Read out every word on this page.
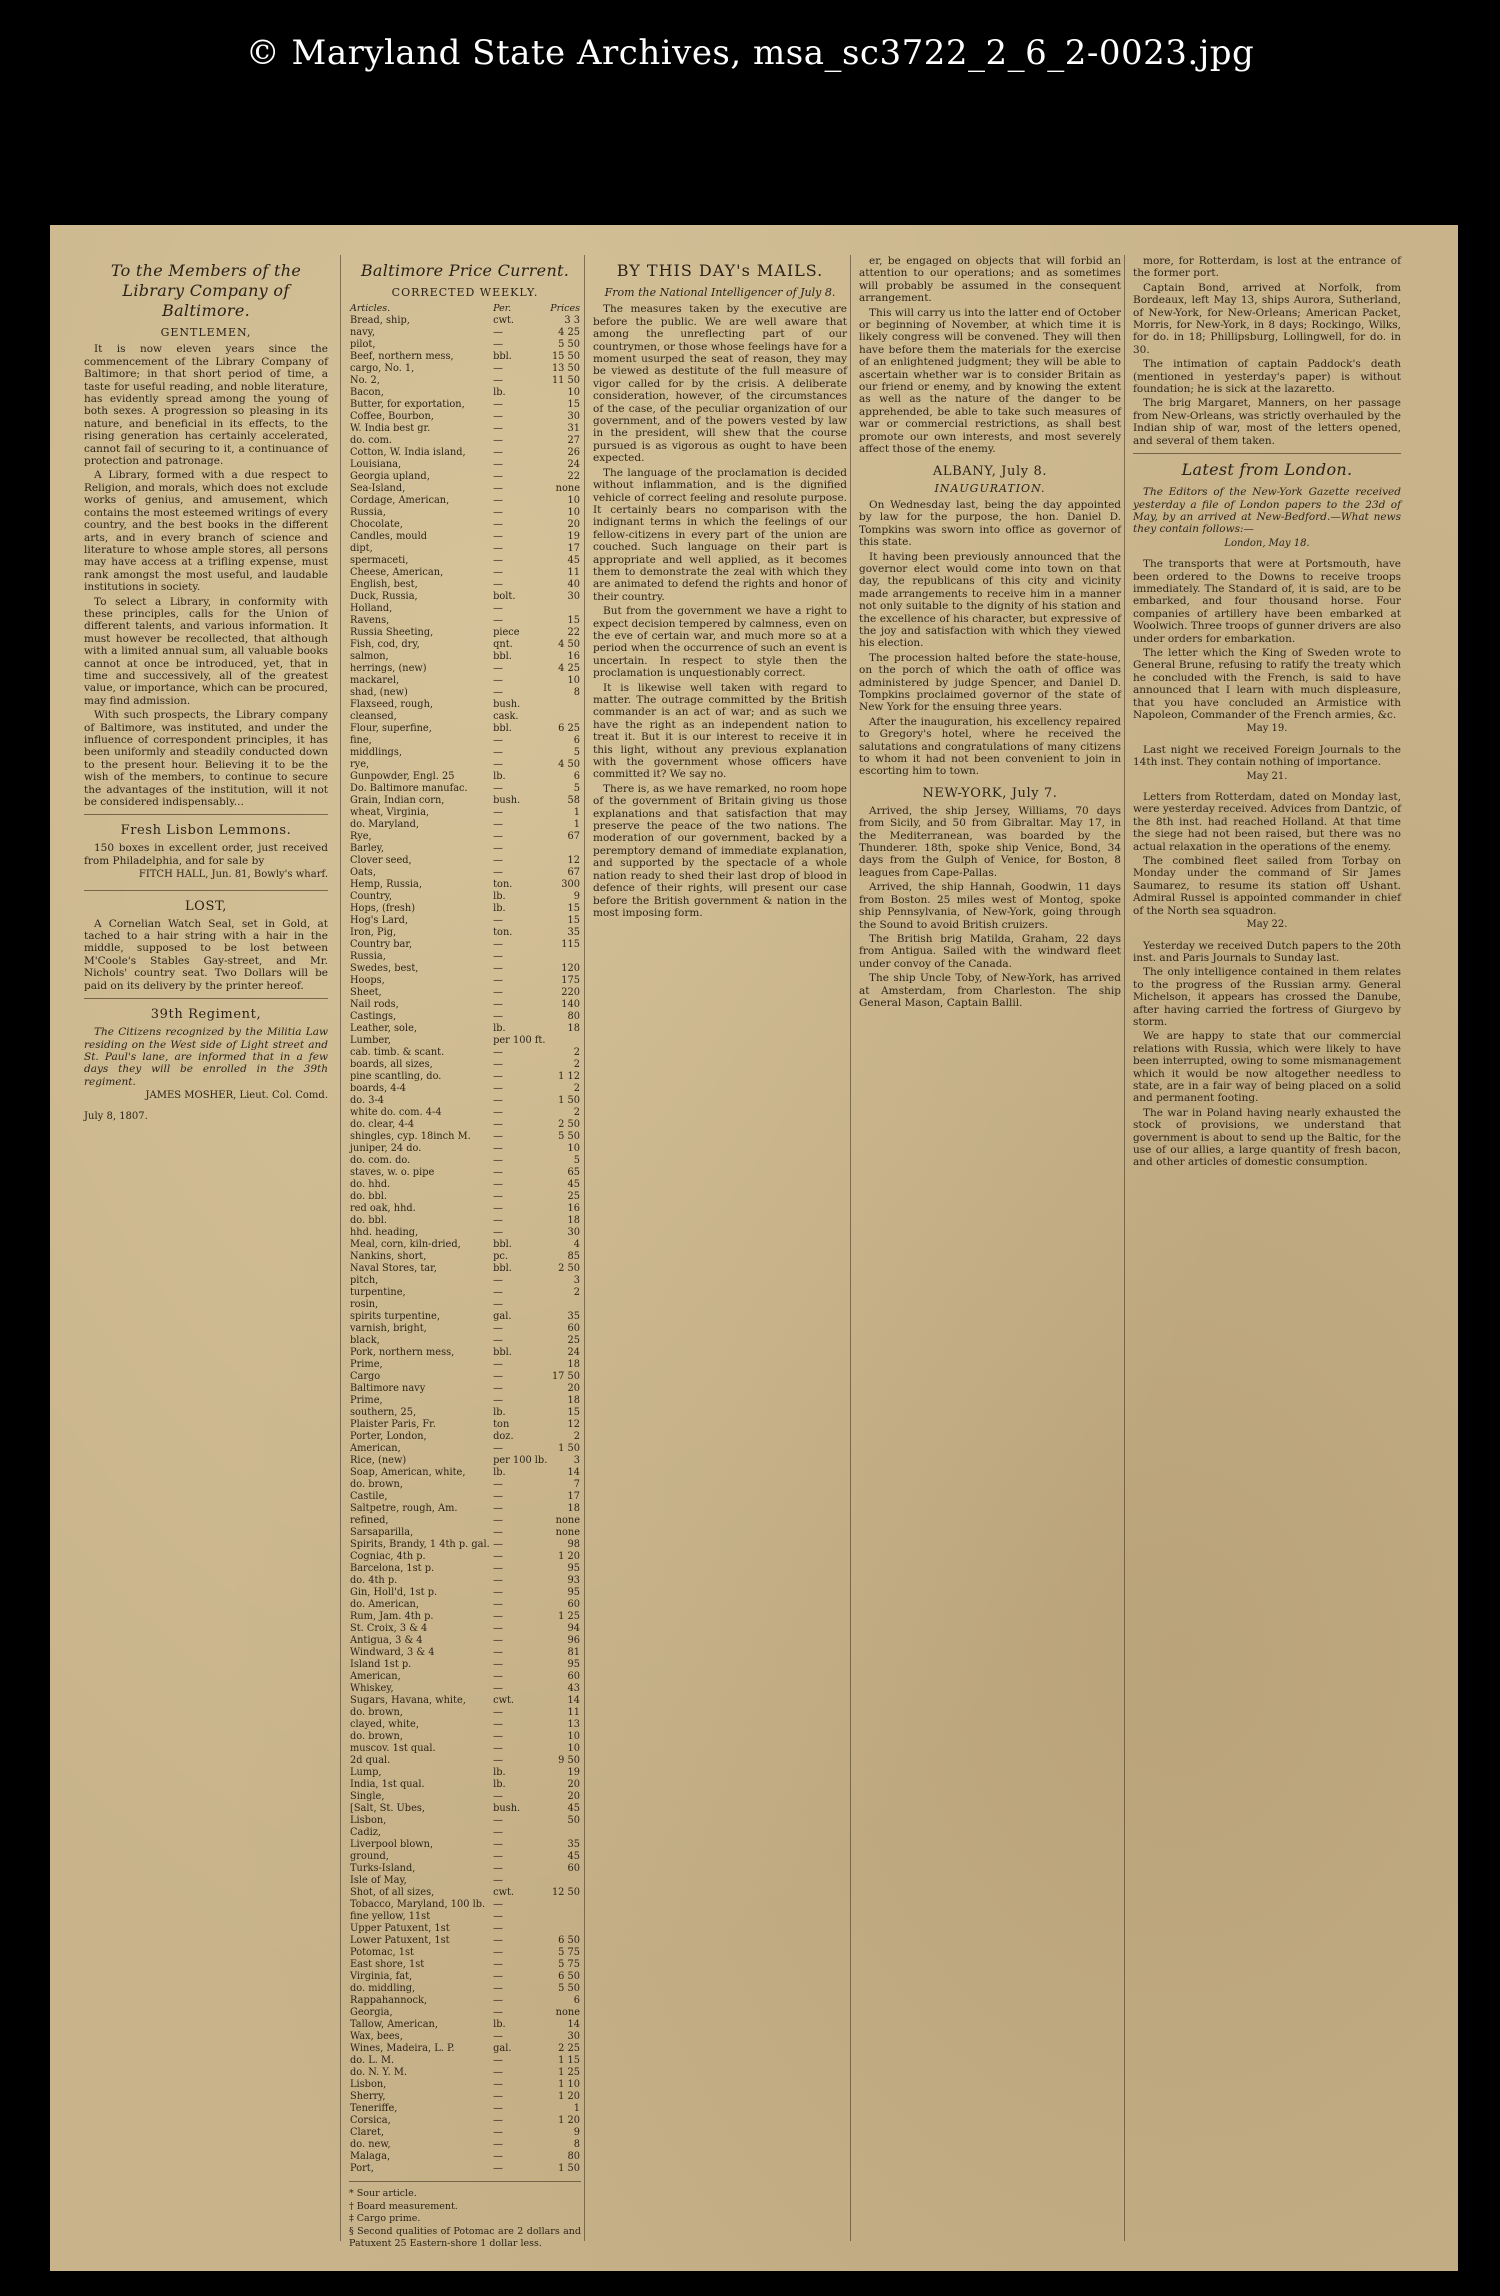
© Maryland State Archives, msa_sc3722_2_6_2-0023.jpg
To the Members of the Library Company of Baltimore.
GENTLEMEN,

It is now eleven years since the commencement of the Library Company of Baltimore; in that short period of time, a taste for useful reading, and noble literature, has evidently spread among the young of both sexes. A progression so pleasing in its nature, and beneficial in its effects, to the rising generation has certainly accelerated, cannot fail of securing to it, a continuance of protection and patronage.

A Library, formed with a due respect to Religion, and morals, which does not exclude works of genius, and amusement, which contains the most esteemed writings of every country, and the best books in the different arts, and in every branch of science and literature to whose ample stores, all persons may have access at a trifling expense, must rank amongst the most useful, and laudable institutions in society.

To select a Library, in conformity with these principles, calls for the Union of different talents, and various information. It must however be recollected, that although with a limited annual sum, all valuable books cannot at once be introduced, yet, that in time and successively, all of the greatest value, or importance, which can be procured, may find admission.

With such prospects, the Library company of Baltimore, was instituted, and under the influence of correspondent principles, it has been uniformly and steadily conducted down to the present hour. Believing it to be the wish of the members, to continue to secure the advantages of the institution, will it not be considered indispensably...

Fresh Lisbon Lemmons.

150 boxes in excellent order, just received from Philadelphia, and for sale by

FITCH HALL, Jun. 81, Bowly's wharf.
LOST,

A Cornelian Watch Seal, set in Gold, at tached to a hair string with a hair in the middle, supposed to be lost between M'Coole's Stables Gay-street, and Mr. Nichols' country seat. Two Dollars will be paid on its delivery by the printer hereof.

39th Regiment,

The Citizens recognized by the Militia Law residing on the West side of Light street and St. Paul's lane, are informed that in a few days they will be enrolled in the 39th regiment.

JAMES MOSHER, Lieut. Col. Comd.
July 8, 1807.
Baltimore Price Current.
CORRECTED WEEKLY.
Articles.	Per.	Prices
Bread, ship,	cwt.	3 3
navy,	—	4 25
pilot,	—	5 50
Beef, northern mess,	bbl.	15 50
cargo, No. 1,	—	13 50
No. 2,	—	11 50
Bacon,	lb.	10
Butter, for exportation,	—	15
Coffee, Bourbon,	—	30
W. India best gr.	—	31
do. com.	—	27
Cotton, W. India island,	—	26
Louisiana,	—	24
Georgia upland,	—	22
Sea-Island,	—	none
Cordage, American,	—	10
Russia,	—	10
Chocolate,	—	20
Candles, mould	—	19
dipt,	—	17
spermaceti,	—	45
Cheese, American,	—	11
English, best,	—	40
Duck, Russia,	bolt.	30
Holland,	—	
Ravens,	—	15
Russia Sheeting,	piece	22
Fish, cod, dry,	qnt.	4 50
salmon,	bbl.	16
herrings, (new)	—	4 25
mackarel,	—	10
shad, (new)	—	8
Flaxseed, rough,	bush.	
cleansed,	cask.	
Flour, superfine,	bbl.	6 25
fine,	—	6
middlings,	—	5
rye,	—	4 50
Gunpowder, Engl. 25	lb.	6
Do. Baltimore manufac.	—	5
Grain, Indian corn,	bush.	58
wheat, Virginia,	—	1
do. Maryland,	—	1
Rye,	—	67
Barley,	—	
Clover seed,	—	12
Oats,	—	67
Hemp, Russia,	ton.	300
Country,	lb.	9
Hops, (fresh)	lb.	15
Hog's Lard,	—	15
Iron, Pig,	ton.	35
Country bar,	—	115
Russia,	—	
Swedes, best,	—	120
Hoops,	—	175
Sheet,	—	220
Nail rods,	—	140
Castings,	—	80
Leather, sole,	lb.	18
Lumber,	per 100 ft.	
cab. timb. & scant.	—	2
boards, all sizes,	—	2
pine scantling, do.	—	1 12
boards, 4-4	—	2
do. 3-4	—	1 50
white do. com. 4-4	—	2
do. clear, 4-4	—	2 50
shingles, cyp. 18inch M.	—	5 50
juniper, 24 do.	—	10
do. com. do.	—	5
staves, w. o. pipe	—	65
do. hhd.	—	45
do. bbl.	—	25
red oak, hhd.	—	16
do. bbl.	—	18
hhd. heading,	—	30
Meal, corn, kiln-dried,	bbl.	4
Nankins, short,	pc.	85
Naval Stores, tar,	bbl.	2 50
pitch,	—	3
turpentine,	—	2
rosin,	—	
spirits turpentine,	gal.	35
varnish, bright,	—	60
black,	—	25
Pork, northern mess,	bbl.	24
Prime,	—	18
Cargo	—	17 50
Baltimore navy	—	20
Prime,	—	18
southern, 25,	lb.	15
Plaister Paris, Fr.	ton	12
Porter, London,	doz.	2
American,	—	1 50
Rice, (new)	per 100 lb.	3
Soap, American, white,	lb.	14
do. brown,	—	7
Castile,	—	17
Saltpetre, rough, Am.	—	18
refined,	—	none
Sarsaparilla,	—	none
Spirits, Brandy, 1 4th p. gal.	—	98
Cogniac, 4th p.	—	1 20
Barcelona, 1st p.	—	95
do. 4th p.	—	93
Gin, Holl'd, 1st p.	—	95
do. American,	—	60
Rum, Jam. 4th p.	—	1 25
St. Croix, 3 & 4	—	94
Antigua, 3 & 4	—	96
Windward, 3 & 4	—	81
Island 1st p.	—	95
American,	—	60
Whiskey,	—	43
Sugars, Havana, white,	cwt.	14
do. brown,	—	11
clayed, white,	—	13
do. brown,	—	10
muscov. 1st qual.	—	10
2d qual.	—	9 50
Lump,	lb.	19
India, 1st qual.	lb.	20
Single,	—	20
[Salt, St. Ubes,	bush.	45
Lisbon,	—	50
Cadiz,	—	
Liverpool blown,	—	35
ground,	—	45
Turks-Island,	—	60
Isle of May,	—	
Shot, of all sizes,	cwt.	12 50
Tobacco, Maryland, 100 lb.	—	
fine yellow, 11st	—	
Upper Patuxent, 1st	—	
Lower Patuxent, 1st	—	6 50
Potomac, 1st	—	5 75
East shore, 1st	—	5 75
Virginia, fat,	—	6 50
do. middling,	—	5 50
Rappahannock,	—	6
Georgia,	—	none
Tallow, American,	lb.	14
Wax, bees,	—	30
Wines, Madeira, L. P.	gal.	2 25
do. L. M.	—	1 15
do. N. Y. M.	—	1 25
Lisbon,	—	1 10
Sherry,	—	1 20
Teneriffe,	—	1
Corsica,	—	1 20
Claret,	—	9
do. new,	—	8
Malaga,	—	80
Port,	—	1 50
* Sour article.
† Board measurement.
‡ Cargo prime.
§ Second qualities of Potomac are 2 dollars and Patuxent 25 Eastern-shore 1 dollar less.
BY THIS DAY's MAILS.
From the National Intelligencer of July 8.

The measures taken by the executive are before the public. We are well aware that among the unreflecting part of our countrymen, or those whose feelings have for a moment usurped the seat of reason, they may be viewed as destitute of the full measure of vigor called for by the crisis. A deliberate consideration, however, of the circumstances of the case, of the peculiar organization of our government, and of the powers vested by law in the president, will shew that the course pursued is as vigorous as ought to have been expected.

The language of the proclamation is decided without inflammation, and is the dignified vehicle of correct feeling and resolute purpose. It certainly bears no comparison with the indignant terms in which the feelings of our fellow-citizens in every part of the union are couched. Such language on their part is appropriate and well applied, as it becomes them to demonstrate the zeal with which they are animated to defend the rights and honor of their country.

But from the government we have a right to expect decision tempered by calmness, even on the eve of certain war, and much more so at a period when the occurrence of such an event is uncertain. In respect to style then the proclamation is unquestionably correct.

It is likewise well taken with regard to matter. The outrage committed by the British commander is an act of war; and as such we have the right as an independent nation to treat it. But it is our interest to receive it in this light, without any previous explanation with the government whose officers have committed it? We say no.

There is, as we have remarked, no room hope of the government of Britain giving us those explanations and that satisfaction that may preserve the peace of the two nations. The moderation of our government, backed by a peremptory demand of immediate explanation, and supported by the spectacle of a whole nation ready to shed their last drop of blood in defence of their rights, will present our case before the British government & nation in the most imposing form.

er, be engaged on objects that will forbid an attention to our operations; and as sometimes will probably be assumed in the consequent arrangement.

This will carry us into the latter end of October or beginning of November, at which time it is likely congress will be convened. They will then have before them the materials for the exercise of an enlightened judgment; they will be able to ascertain whether war is to consider Britain as our friend or enemy, and by knowing the extent as well as the nature of the danger to be apprehended, be able to take such measures of war or commercial restrictions, as shall best promote our own interests, and most severely affect those of the enemy.

ALBANY, July 8.
INAUGURATION.

On Wednesday last, being the day appointed by law for the purpose, the hon. Daniel D. Tompkins was sworn into office as governor of this state.

It having been previously announced that the governor elect would come into town on that day, the republicans of this city and vicinity made arrangements to receive him in a manner not only suitable to the dignity of his station and the excellence of his character, but expressive of the joy and satisfaction with which they viewed his election.

The procession halted before the state-house, on the porch of which the oath of office was administered by judge Spencer, and Daniel D. Tompkins proclaimed governor of the state of New York for the ensuing three years.

After the inauguration, his excellency repaired to Gregory's hotel, where he received the salutations and congratulations of many citizens to whom it had not been convenient to join in escorting him to town.

NEW-YORK, July 7.

Arrived, the ship Jersey, Williams, 70 days from Sicily, and 50 from Gibraltar. May 17, in the Mediterranean, was boarded by the Thunderer. 18th, spoke ship Venice, Bond, 34 days from the Gulph of Venice, for Boston, 8 leagues from Cape-Pallas.

Arrived, the ship Hannah, Goodwin, 11 days from Boston. 25 miles west of Montog, spoke ship Pennsylvania, of New-York, going through the Sound to avoid British cruizers.

The British brig Matilda, Graham, 22 days from Antigua. Sailed with the windward fleet under convoy of the Canada.

The ship Uncle Toby, of New-York, has arrived at Amsterdam, from Charleston. The ship General Mason, Captain Ballil.

more, for Rotterdam, is lost at the entrance of the former port.

Captain Bond, arrived at Norfolk, from Bordeaux, left May 13, ships Aurora, Sutherland, of New-York, for New-Orleans; American Packet, Morris, for New-York, in 8 days; Rockingo, Wilks, for do. in 18; Phillipsburg, Lollingwell, for do. in 30.

The intimation of captain Paddock's death (mentioned in yesterday's paper) is without foundation; he is sick at the lazaretto.

The brig Margaret, Manners, on her passage from New-Orleans, was strictly overhauled by the Indian ship of war, most of the letters opened, and several of them taken.

Latest from London.

The Editors of the New-York Gazette received yesterday a file of London papers to the 23d of May, by an arrived at New-Bedford.—What news they contain follows:—

London, May 18.

The transports that were at Portsmouth, have been ordered to the Downs to receive troops immediately. The Standard of, it is said, are to be embarked, and four thousand horse. Four companies of artillery have been embarked at Woolwich. Three troops of gunner drivers are also under orders for embarkation.

The letter which the King of Sweden wrote to General Brune, refusing to ratify the treaty which he concluded with the French, is said to have announced that I learn with much displeasure, that you have concluded an Armistice with Napoleon, Commander of the French armies, &c.

May 19.

Last night we received Foreign Journals to the 14th inst. They contain nothing of importance.

May 21.

Letters from Rotterdam, dated on Monday last, were yesterday received. Advices from Dantzic, of the 8th inst. had reached Holland. At that time the siege had not been raised, but there was no actual relaxation in the operations of the enemy.

The combined fleet sailed from Torbay on Monday under the command of Sir James Saumarez, to resume its station off Ushant. Admiral Russel is appointed commander in chief of the North sea squadron.

May 22.

Yesterday we received Dutch papers to the 20th inst. and Paris Journals to Sunday last.

The only intelligence contained in them relates to the progress of the Russian army. General Michelson, it appears has crossed the Danube, after having carried the fortress of Giurgevo by storm.

We are happy to state that our commercial relations with Russia, which were likely to have been interrupted, owing to some mismanagement which it would be now altogether needless to state, are in a fair way of being placed on a solid and permanent footing.

The war in Poland having nearly exhausted the stock of provisions, we understand that government is about to send up the Baltic, for the use of our allies, a large quantity of fresh bacon, and other articles of domestic consumption.
